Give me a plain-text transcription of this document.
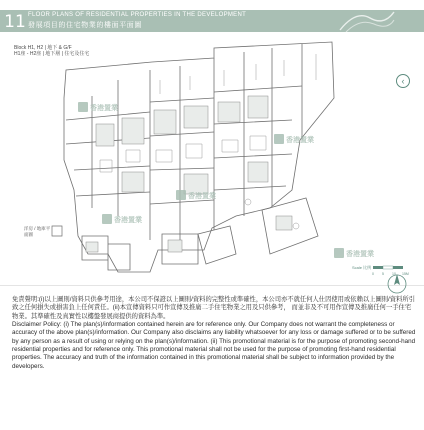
11 FLOOR PLANS OF RESIDENTIAL PROPERTIES IN THE DEVELOPMENT
發展項目的住宅物業的樓面平面圖
‹
Block H1, H2 | 地下 & G/F
H1座 - H2座 | 地下層 | 住宅及住宅
香港置業
香港置業
香港置業
香港置業
香港置業
洋房 / 地庫平面圖
Scale 比例
0 5 10 15M

免責聲明:(i)以上圖則/資料只供參考用途，本公司不保證以上圖則/資料的完整性或準確性，本公司亦不就任何人仕因使用或依賴以上圖則/資料所引致之任何損失或損害負上任何責任。(ii)本宣傳資料只可作宣傳及推廣二手住宅物業之用及只供參考， 而並非及不可用作宣傳及推廣任何一手住宅物業。其準確性及真實性以樓盤發展商提供的資料為準。

Disclaimer Policy: (i) The plan(s)/information contained herein are for reference only. Our Company does not warrant the completeness or accuracy of the above plan(s)/information. Our Company also disclaims any liability whatsoever for any loss or damage suffered or to be suffered by any person as a result of using or relying on the plan(s)/information. (ii) This promotional material is for the purpose of promoting second-hand residential properties and for reference only. This promotional material shall not be used for the purpose of promoting first-hand residential properties. The accuracy and truth of the information contained in this promotional material shall be subject to information provided by the developers.
